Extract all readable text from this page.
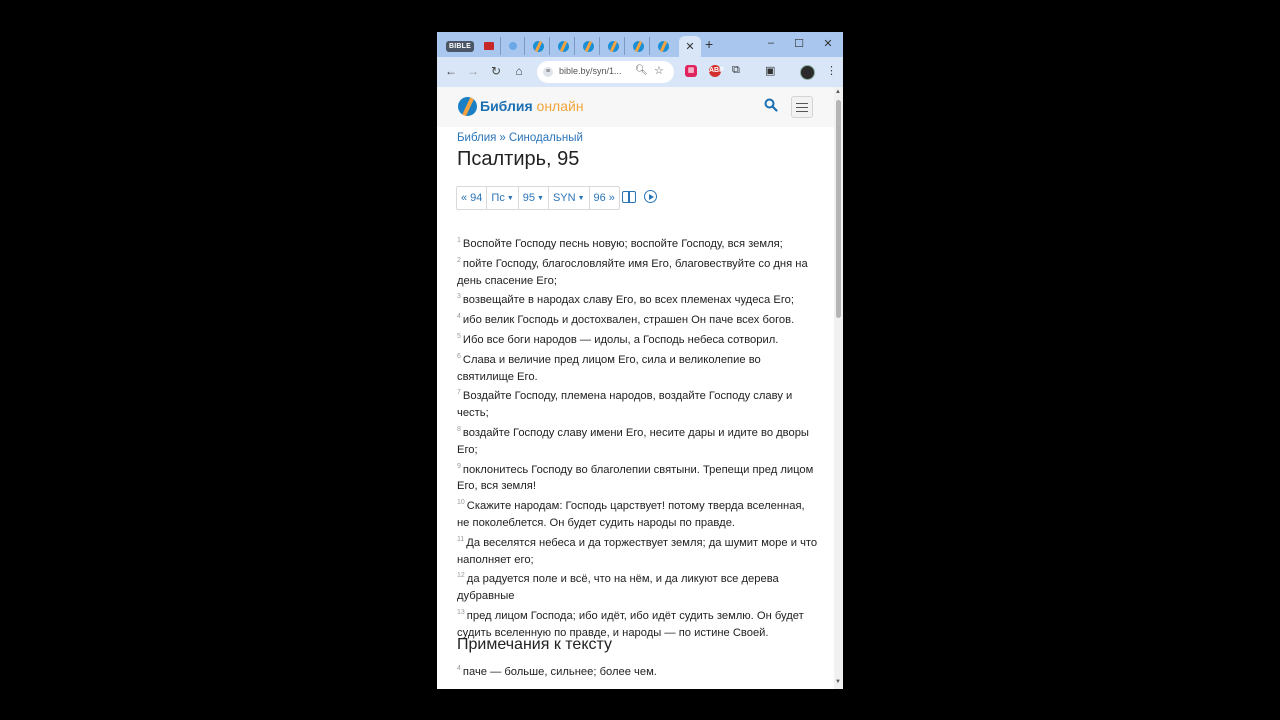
BIBLE	✕ +	–	☐	✕
← → ↻	⌂	≡ bible.by/syn/1... 🔍︎ ☆	▦	ABP ⧉ ▣	⋮
Библия онлайн
Библия » Синодальный
Псалтирь, 95
« 94 Пс ▼ 95 ▼ SYN ▼ 96 »
$^1$ Воспойте Господу песнь новую; воспойте Господу, вся земля;
$^2$ пойте Господу, благословляйте имя Его, благовествуйте со дня на день спасение Его;
$^3$ возвещайте в народах славу Его, во всех племенах чудеса Его;
$^4$ ибо велик Господь и достохвален, страшен Он паче всех богов.
$^5$ Ибо все боги народов — идолы, а Господь небеса сотворил.
$^6$ Слава и величие пред лицом Его, сила и великолепие во святилище Его.
$^7$ Воздайте Господу, племена народов, воздайте Господу славу и честь;
$^8$ воздайте Господу славу имени Его, несите дары и идите во дворы Его;
$^9$ поклонитесь Господу во благолепии святыни. Трепещи пред лицом Его, вся земля!
$^{10}$ Скажите народам: Господь царствует! потому тверда вселенная, не поколеблется. Он будет судить народы по правде.
$^{11}$ Да веселятся небеса и да торжествует земля; да шумит море и что наполняет его;
$^{12}$ да радуется поле и всё, что на нём, и да ликуют все дерева дубравные
$^{13}$ пред лицом Господа; ибо идёт, ибо идёт судить землю. Он будет судить вселенную по правде, и народы — по истине Своей.
Примечания к тексту
$^4$ паче — больше, сильнее; более чем.
▲
▼
